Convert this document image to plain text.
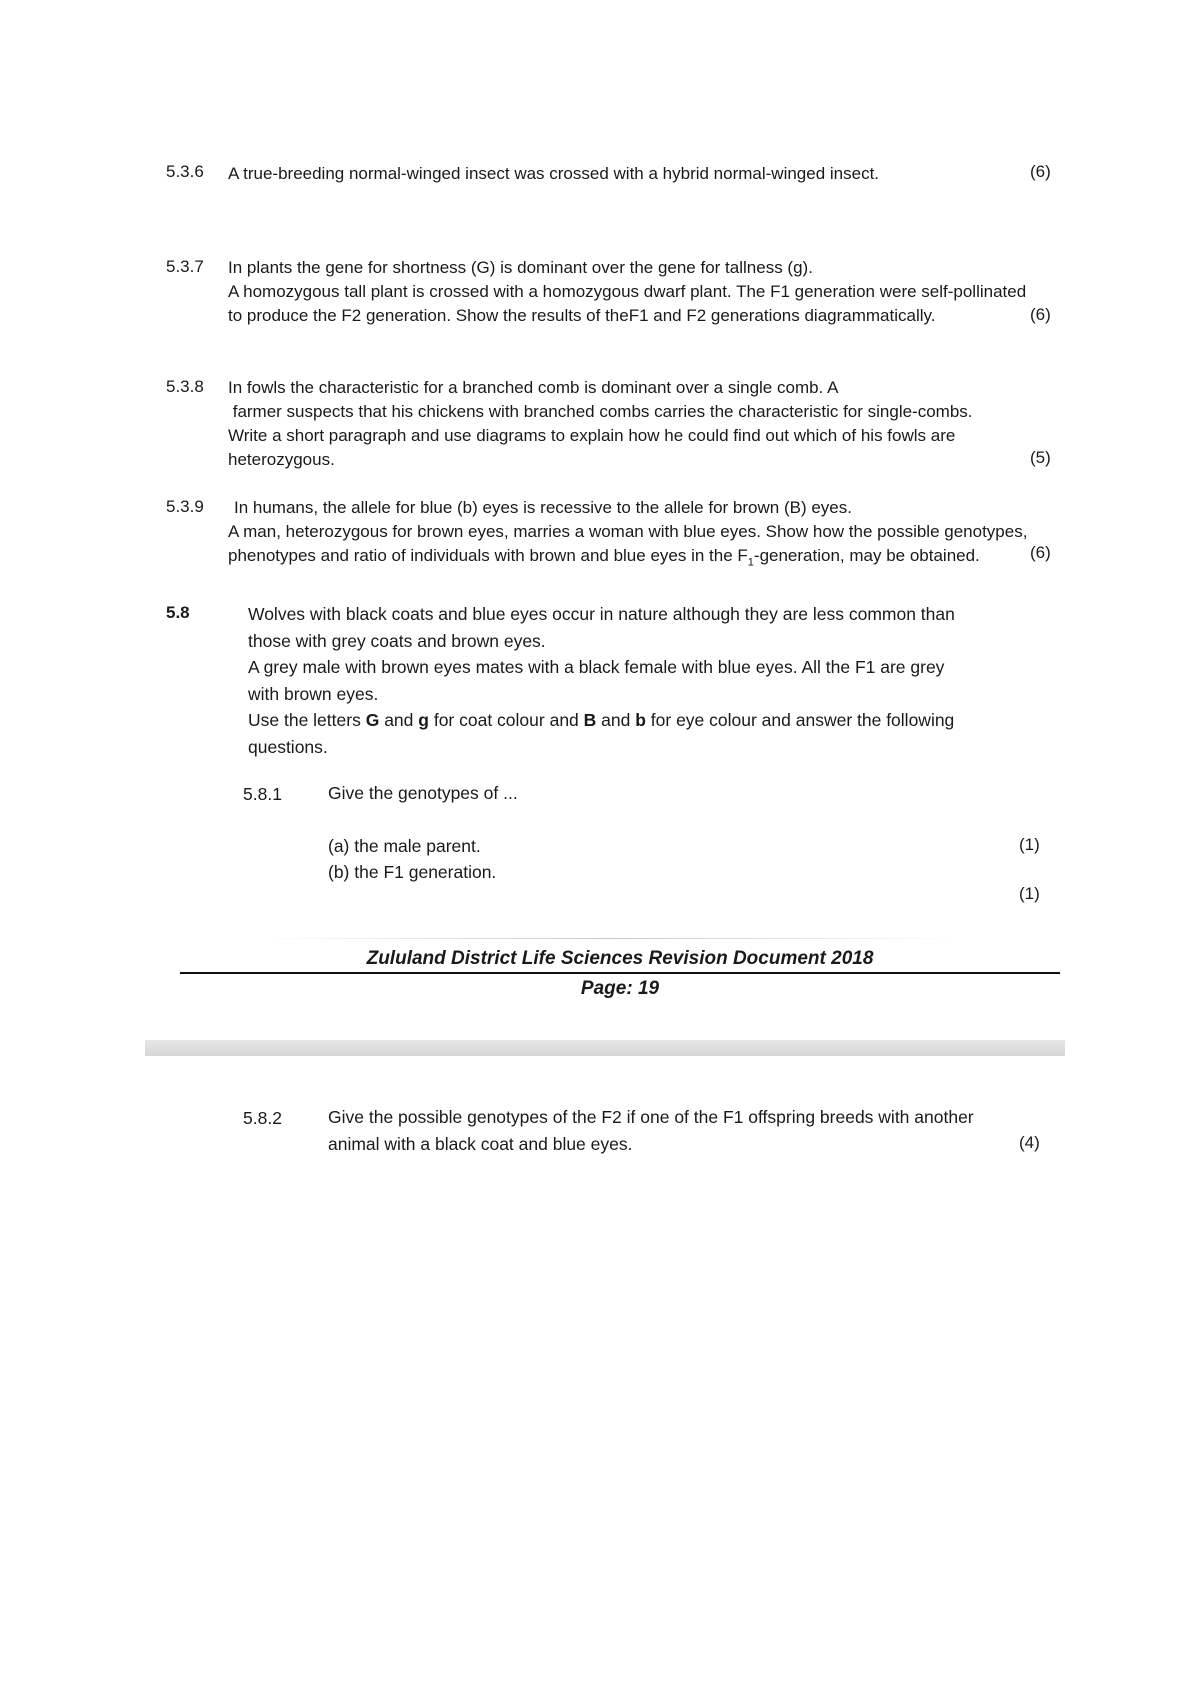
5.3.6 A true-breeding normal-winged insect was crossed with a hybrid normal-winged insect.	(6)
5.3.7 In plants the gene for shortness (G) is dominant over the gene for tallness (g).
A homozygous tall plant is crossed with a homozygous dwarf plant. The F1 generation were self-pollinated
to produce the F2 generation. Show the results of theF1 and F2 generations diagrammatically.	(6)
5.3.8 In fowls the characteristic for a branched comb is dominant over a single comb. A
farmer suspects that his chickens with branched combs carries the characteristic for single-combs.
Write a short paragraph and use diagrams to explain how he could find out which of his fowls are
heterozygous.	(5)
5.3.9	In humans, the allele for blue (b) eyes is recessive to the allele for brown (B) eyes.
A man, heterozygous for brown eyes, marries a woman with blue eyes. Show how the possible genotypes,
phenotypes and ratio of individuals with brown and blue eyes in the $F_1$-generation, may be obtained.	(6)
5.8	Wolves with black coats and blue eyes occur in nature although they are less common than
those with grey coats and brown eyes.
A grey male with brown eyes mates with a black female with blue eyes. All the F1 are grey
with brown eyes.
Use the letters G and g for coat colour and B and b for eye colour and answer the following
questions.
5.8.1	Give the genotypes of ...
(a) the male parent.	(1)
(b) the F1 generation.
(1)
Zululand District Life Sciences Revision Document 2018
Page: 19
5.8.2	Give the possible genotypes of the F2 if one of the F1 offspring breeds with another
animal with a black coat and blue eyes.	(4)
